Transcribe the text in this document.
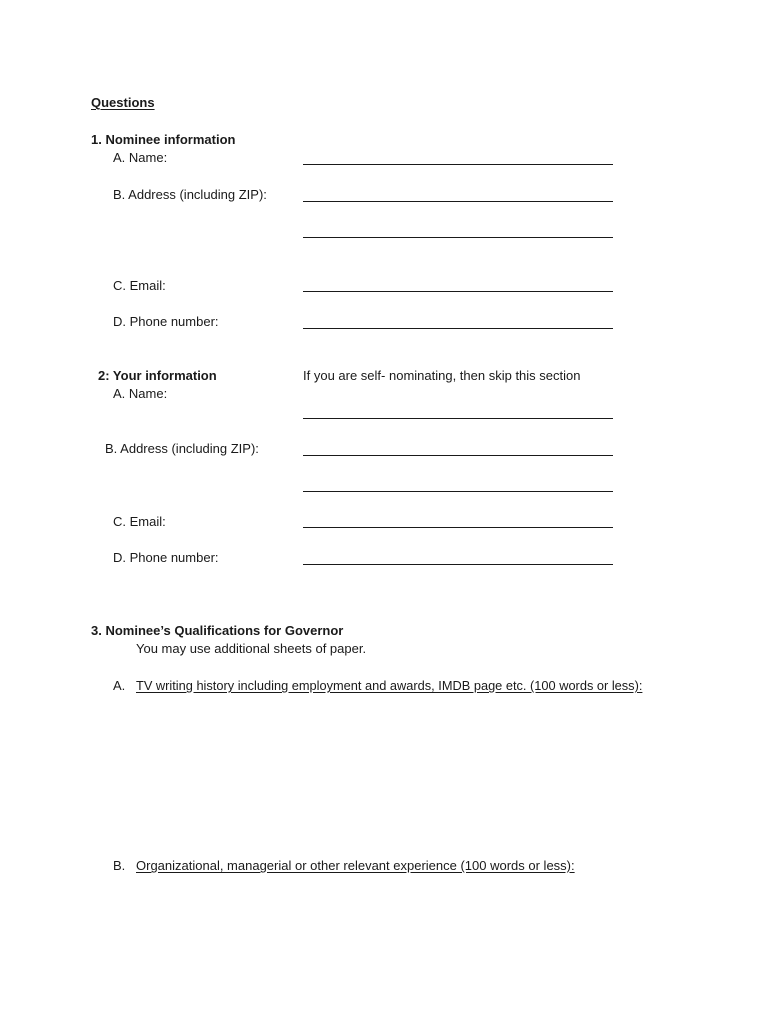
Questions
1. Nominee information
A. Name:
B. Address (including ZIP):
C. Email:
D. Phone number:
2: Your information	If you are self- nominating, then skip this section
A. Name:
B. Address (including ZIP):
C. Email:
D. Phone number:
3. Nominee’s Qualifications for Governor
You may use additional sheets of paper.
A. TV writing history including employment and awards, IMDB page etc. (100 words or less):
B. Organizational, managerial or other relevant experience (100 words or less):
